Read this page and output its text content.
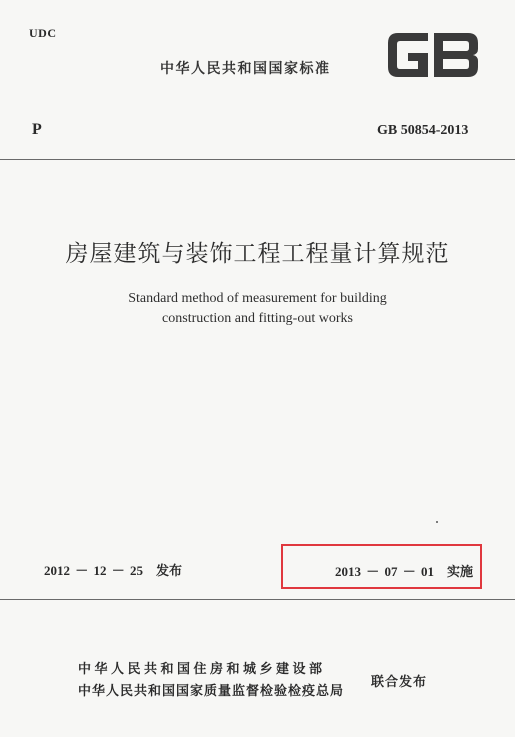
UDC
中华人民共和国国家标准
P	GB 50854-2013
房屋建筑与装饰工程工程量计算规范
Standard method of measurement for building
construction and fitting-out works
2012 － 12 － 25　发布	2013 － 07 － 01　实施
中华人民共和国住房和城乡建设部
中华人民共和国国家质量监督检验检疫总局
联合发布
